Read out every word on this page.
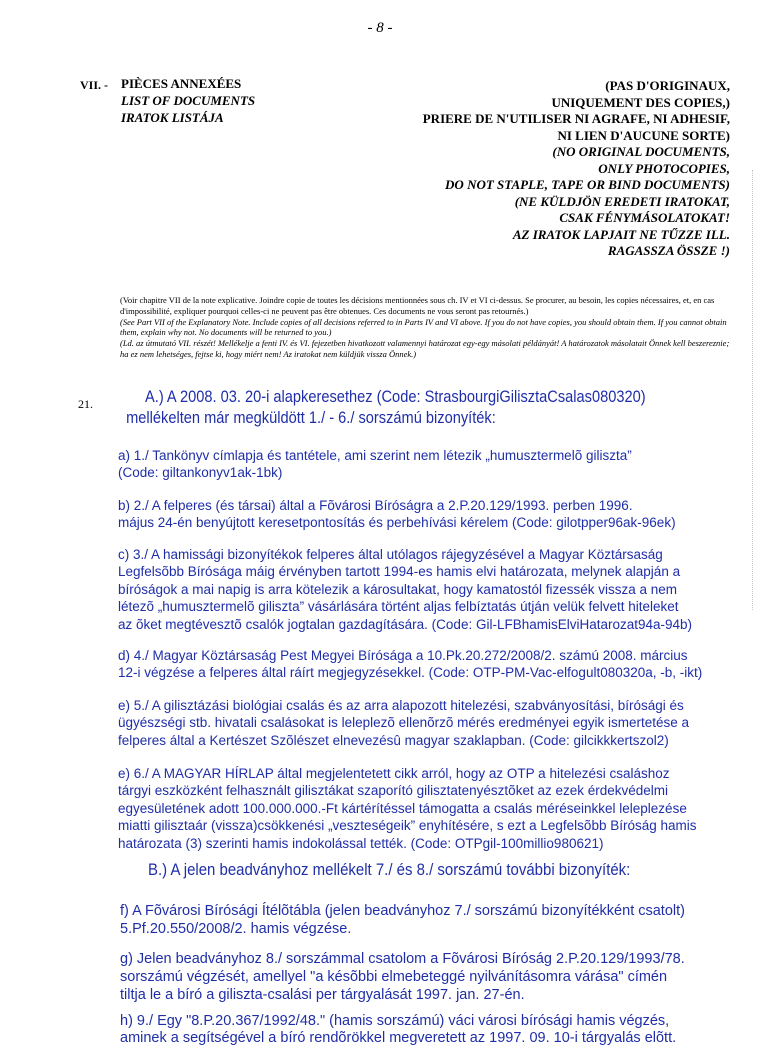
- 8 -
VII. - PIÈCES ANNEXÉES
LIST OF DOCUMENTS
IRATOK LISTÁJA
(PAS D'ORIGINAUX,
UNIQUEMENT DES COPIES,)
PRIERE DE N'UTILISER NI AGRAFE, NI ADHESIF,
NI LIEN D'AUCUNE SORTE)
(NO ORIGINAL DOCUMENTS,
ONLY PHOTOCOPIES,
DO NOT STAPLE, TAPE OR BIND DOCUMENTS)
(NE KÜLDJÖN EREDETI IRATOKAT,
CSAK FÉNYMÁSOLATOKAT!
AZ IRATOK LAPJAIT NE TŰZZE ILL.
RAGASSZA ÖSSZE !)
(Voir chapitre VII de la note explicative. Joindre copie de toutes les décisions mentionnées sous ch. IV et VI ci-dessus. Se procurer, au besoin, les copies nécessaires, et, en cas d'impossibilité, expliquer pourquoi celles-ci ne peuvent pas être obtenues. Ces documents ne vous seront pas retournés.)
(See Part VII of the Explanatory Note. Include copies of all decisions referred to in Parts IV and VI above. If you do not have copies, you should obtain them. If you cannot obtain them, explain why not. No documents will be returned to you.)
(Ld. az útmutató VII. részét! Mellékelje a fenti IV. és VI. fejezetben hivatkozott valamennyi határozat egy-egy másolati példányát! A határozatok másolatait Önnek kell beszereznie; ha ez nem lehetséges, fejtse ki, hogy miért nem! Az iratokat nem küldjük vissza Önnek.)
21.	A.) A 2008. 03. 20-i alapkeresethez (Code: StrasbourgiGilisztaCsalas080320)
mellékelten már megküldött 1./ - 6./ sorszámú bizonyíték:
a) 1./ Tankönyv címlapja és tantétele, ami szerint nem létezik „humusztermelõ giliszta”
(Code: giltankonyv1ak-1bk)
b) 2./ A felperes (és társai) által a Fõvárosi Bíróságra a 2.P.20.129/1993. perben 1996.
május 24-én benyújtott keresetpontosítás és perbehívási kérelem (Code: gilotpper96ak-96ek)
c) 3./ A hamissági bizonyítékok felperes által utólagos rájegyzésével a Magyar Köztársaság
Legfelsõbb Bírósága máig érvényben tartott 1994-es hamis elvi határozata, melynek alapján a
bíróságok a mai napig is arra kötelezik a károsultakat, hogy kamatostól fizessék vissza a nem
létezõ „humusztermelõ giliszta” vásárlására történt aljas felbíztatás útján velük felvett hiteleket
az õket megtévesztõ csalók jogtalan gazdagítására. (Code: Gil-LFBhamisElviHatarozat94a-94b)
d) 4./ Magyar Köztársaság Pest Megyei Bírósága a 10.Pk.20.272/2008/2. számú 2008. március
12-i végzése a felperes által ráírt megjegyzésekkel. (Code: OTP-PM-Vac-elfogult080320a, -b, -ikt)
e) 5./ A gilisztázási biológiai csalás és az arra alapozott hitelezési, szabványosítási, bírósági és
ügyészségi stb. hivatali csalásokat is leleplezõ ellenõrzõ mérés eredményei egyik ismertetése a
felperes által a Kertészet Szõlészet elnevezésû magyar szaklapban. (Code: gilcikkkertszol2)
e) 6./ A MAGYAR HÍRLAP által megjelentetett cikk arról, hogy az OTP a hitelezési csaláshoz
tárgyi eszközként felhasznált gilisztákat szaporító gilisztatenyésztõket az ezek érdekvédelmi
egyesületének adott 100.000.000.-Ft kártérítéssel támogatta a csalás méréseinkkel leleplezése
miatti gilisztaár (vissza)csökkenési „veszteségeik” enyhítésére, s ezt a Legfelsõbb Bíróság hamis
határozata (3) szerinti hamis indokolással tették. (Code: OTPgil-100millio980621)
B.) A jelen beadványhoz mellékelt 7./ és 8./ sorszámú további bizonyíték:
f) A Fõvárosi Bírósági Ítélõtábla (jelen beadványhoz 7./ sorszámú bizonyítékként csatolt)
5.Pf.20.550/2008/2. hamis végzése.
g) Jelen beadványhoz 8./ sorszámmal csatolom a Fõvárosi Bíróság 2.P.20.129/1993/78.
sorszámú végzését, amellyel "a késõbbi elmebeteggé nyilvánításomra várása" címén
tiltja le a bíró a giliszta-csalási per tárgyalását 1997. jan. 27-én.
h) 9./ Egy "8.P.20.367/1992/48." (hamis sorszámú) váci városi bírósági hamis végzés,
aminek a segítségével a bíró rendõrökkel megveretett az 1997. 09. 10-i tárgyalás elõtt.
